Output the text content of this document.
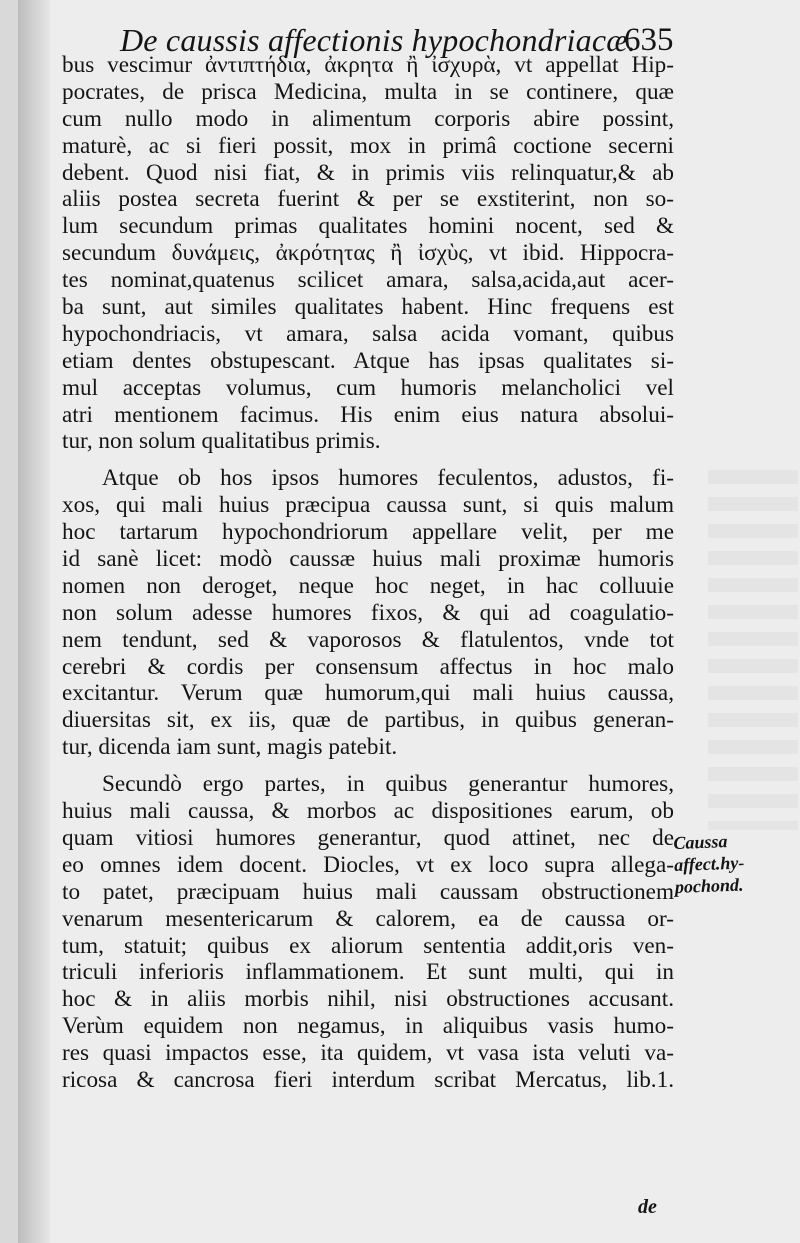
De caussis affectionis hypochondriacæ.
635
bus vescimur ἀντιπτήδια, ἀκρητα ἢ ἰσχυρὰ, vt appellat Hip-
pocrates, de prisca Medicina, multa in se continere, quæ
cum nullo modo in alimentum corporis abire possint,
maturè, ac si fieri possit, mox in primâ coctione secerni
debent. Quod nisi fiat, & in primis viis relinquatur,& ab
aliis postea secreta fuerint & per se exstiterint, non so-
lum secundum primas qualitates homini nocent, sed &
secundum δυνάμεις, ἀκρότητας ἢ ἰσχὺς, vt ibid. Hippocra-
tes nominat,quatenus scilicet amara, salsa,acida,aut acer-
ba sunt, aut similes qualitates habent. Hinc frequens est
hypochondriacis, vt amara, salsa acida vomant, quibus
etiam dentes obstupescant. Atque has ipsas qualitates si-
mul acceptas volumus, cum humoris melancholici vel
atri mentionem facimus. His enim eius natura absolui-
tur, non solum qualitatibus primis.
Atque ob hos ipsos humores feculentos, adustos, fi-
xos, qui mali huius præcipua caussa sunt, si quis malum
hoc tartarum hypochondriorum appellare velit, per me
id sanè licet: modò caussæ huius mali proximæ humoris
nomen non deroget, neque hoc neget, in hac colluuie
non solum adesse humores fixos, & qui ad coagulatio-
nem tendunt, sed & vaporosos & flatulentos, vnde tot
cerebri & cordis per consensum affectus in hoc malo
excitantur. Verum quæ humorum,qui mali huius caussa,
diuersitas sit, ex iis, quæ de partibus, in quibus generan-
tur, dicenda iam sunt, magis patebit.
Secundò ergo partes, in quibus generantur humores,
huius mali caussa, & morbos ac dispositiones earum, ob
quam vitiosi humores generantur, quod attinet, nec de
eo omnes idem docent. Diocles, vt ex loco supra allega-
to patet, præcipuam huius mali caussam obstructionem
venarum mesentericarum & calorem, ea de caussa or-
tum, statuit; quibus ex aliorum sententia addit,oris ven-
triculi inferioris inflammationem. Et sunt multi, qui in
hoc & in aliis morbis nihil, nisi obstructiones accusant.
Verùm equidem non negamus, in aliquibus vasis humo-
res quasi impactos esse, ita quidem, vt vasa ista veluti va-
ricosa & cancrosa fieri interdum scribat Mercatus, lib.1.
Caussa
affect.hy-
pochond.
de
